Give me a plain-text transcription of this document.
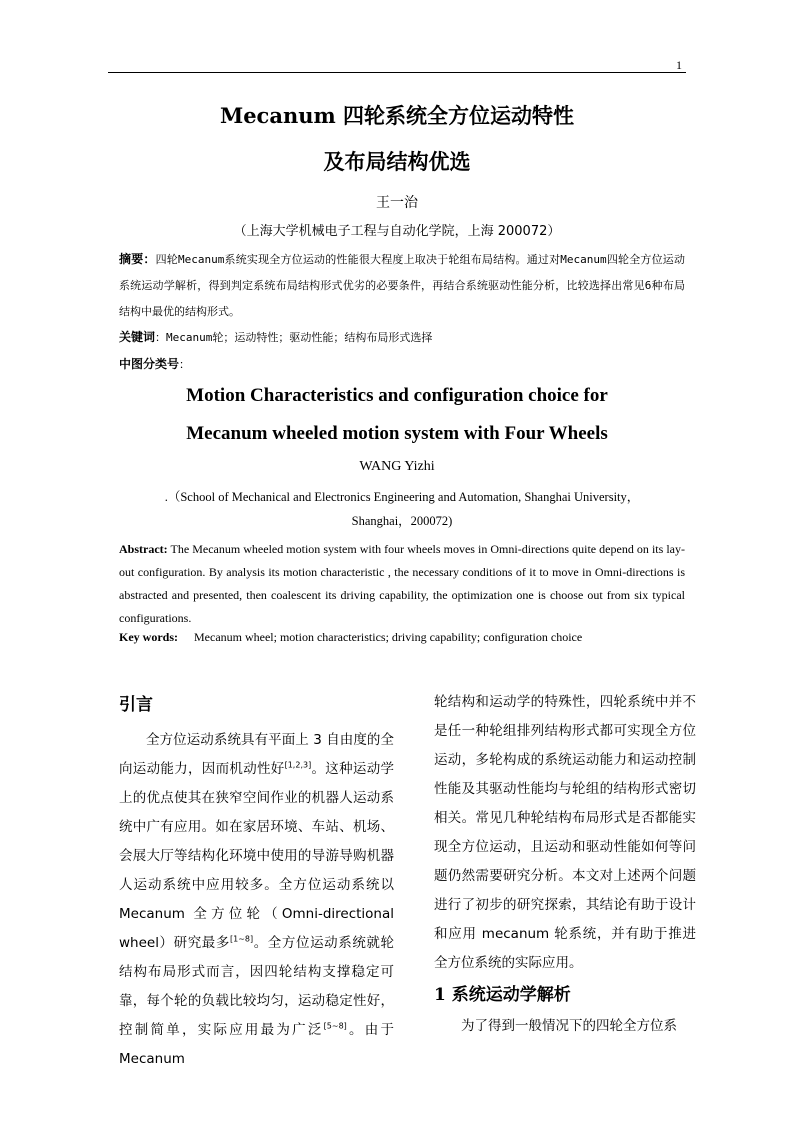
1
Mecanum 四轮系统全方位运动特性
及布局结构优选
王一治
（上海大学机械电子工程与自动化学院，上海 200072）
摘要：四轮Mecanum系统实现全方位运动的性能很大程度上取决于轮组布局结构。通过对Mecanum四轮全方位运动系统运动学解析，得到判定系统布局结构形式优劣的必要条件，再结合系统驱动性能分析，比较选择出常见6种布局结构中最优的结构形式。
关键词：Mecanum轮；运动特性；驱动性能；结构布局形式选择
中图分类号：
Motion Characteristics and configuration choice for
Mecanum wheeled motion system with Four Wheels
WANG Yizhi
.（School of Mechanical and Electronics Engineering and Automation, Shanghai University，
Shanghai，200072)
Abstract: The Mecanum wheeled motion system with four wheels moves in Omni-directions quite depend on its lay-out configuration. By analysis its motion characteristic , the necessary conditions of it to move in Omni-directions is abstracted and presented, then coalescent its driving capability, the optimization one is choose out from six typical configurations.
Key words: Mecanum wheel; motion characteristics; driving capability; configuration choice
引言

全方位运动系统具有平面上 3 自由度的全向运动能力，因而机动性好[1,2,3]。这种运动学上的优点使其在狭窄空间作业的机器人运动系统中广有应用。如在家居环境、车站、机场、会展大厅等结构化环境中使用的导游导购机器人运动系统中应用较多。全方位运动系统以 Mecanum 全方位轮（Omni-directional wheel）研究最多[1~8]。全方位运动系统就轮结构布局形式而言，因四轮结构支撑稳定可靠，每个轮的负载比较均匀，运动稳定性好，控制简单，实际应用最为广泛[5~8]。由于 Mecanum

轮结构和运动学的特殊性，四轮系统中并不是任一种轮组排列结构形式都可实现全方位运动，多轮构成的系统运动能力和运动控制性能及其驱动性能均与轮组的结构形式密切相关。常见几种轮结构布局形式是否都能实现全方位运动，且运动和驱动性能如何等问题仍然需要研究分析。本文对上述两个问题进行了初步的研究探索，其结论有助于设计和应用 mecanum 轮系统，并有助于推进全方位系统的实际应用。

1 系统运动学解析

为了得到一般情况下的四轮全方位系
